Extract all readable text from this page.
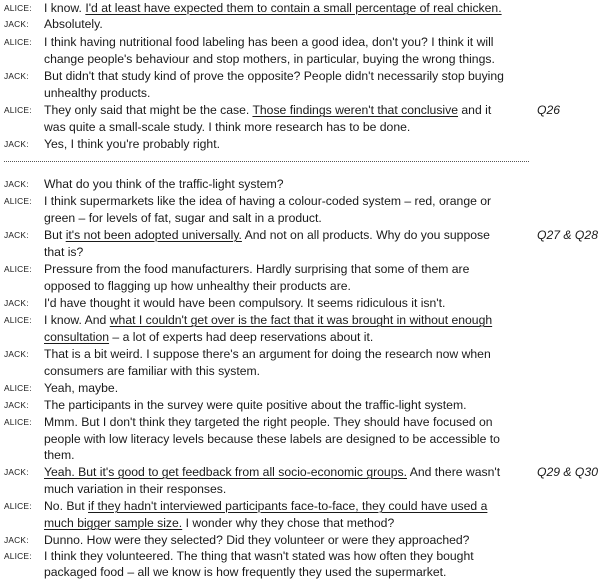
ALICE: I know. I'd at least have expected them to contain a small percentage of real chicken.
JACK: Absolutely.
ALICE: I think having nutritional food labeling has been a good idea, don't you? I think it will
change people's behaviour and stop mothers, in particular, buying the wrong things.
JACK: But didn't that study kind of prove the opposite? People didn't necessarily stop buying
unhealthy products.
ALICE: They only said that might be the case. Those findings weren't that conclusive and it	Q26
was quite a small-scale study. I think more research has to be done.
JACK: Yes, I think you're probably right.
JACK: What do you think of the traffic-light system?
ALICE: I think supermarkets like the idea of having a colour-coded system – red, orange or
green – for levels of fat, sugar and salt in a product.
JACK: But it's not been adopted universally. And not on all products. Why do you suppose	Q27 & Q28
that is?
ALICE: Pressure from the food manufacturers. Hardly surprising that some of them are
opposed to flagging up how unhealthy their products are.
JACK: I'd have thought it would have been compulsory. It seems ridiculous it isn't.
ALICE: I know. And what I couldn't get over is the fact that it was brought in without enough
consultation – a lot of experts had deep reservations about it.
JACK: That is a bit weird. I suppose there's an argument for doing the research now when
consumers are familiar with this system.
ALICE: Yeah, maybe.
JACK: The participants in the survey were quite positive about the traffic-light system.
ALICE: Mmm. But I don't think they targeted the right people. They should have focused on
people with low literacy levels because these labels are designed to be accessible to
them.
JACK: Yeah. But it's good to get feedback from all socio-economic groups. And there wasn't	Q29 & Q30
much variation in their responses.
ALICE: No. But if they hadn't interviewed participants face-to-face, they could have used a
much bigger sample size. I wonder why they chose that method?
JACK: Dunno. How were they selected? Did they volunteer or were they approached?
ALICE: I think they volunteered. The thing that wasn't stated was how often they bought
packaged food – all we know is how frequently they used the supermarket.
